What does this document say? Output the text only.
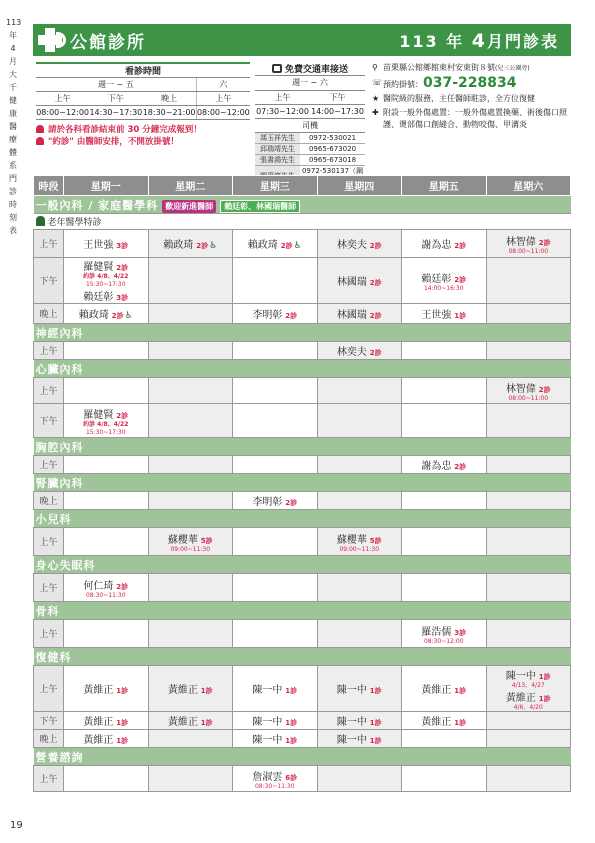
113
年
4
月
大
千
健
康
醫
療
體
系
門
診
時
刻
表
19
公館診所	113 年 4月門診表
看診時間			
週一 ~ 五			六
上午	下午	晚上	上午
08:00~12:00	14:30~17:30	18:30~21:00	08:00~12:00
請於各科看診結束前 30 分鐘完成報到！
"約診" 由醫師安排，不開放掛號！
免費交通車接送
週一 ~ 六	
上午	下午
07:30~12:00	14:00~17:30
司機	
馮玉祥先生	0972-530021
邱瑞靖先生	0965-673020
張書鴻先生	0965-673018
	0972-530137（鋼
⚲ 苗栗縣公館鄉館東村安東街８號(兒三公園旁)
☏ 預約掛號：037-228834
★ 醫院級的服務，主任醫師駐診，全方位復健
✚ 附設一般外傷處置：一般外傷處置換藥、術後傷口照護、燙部傷口創縫合、動物咬傷、甲溝炎
時段	星期一	星期二	星期三	星期四	星期五	星期六
一般內科 / 家庭醫學科 歡迎新進醫師 賴廷彰、林國瑞醫師						
老年醫學特診						
上午	王世強 3診	賴政琦 2診♿	賴政琦 2診♿	林奕夫 2診	謝為忠 2診	林智偉 2診
08:00~11:00

下午	羅健賢 2診
約診 4/8、4/22
15:30~17:30
賴廷彰 3診			林國瑞 2診	賴廷彰 2診
14:00~16:30	

晚上	賴政琦 2診♿		李明彰 2診	林國瑞 2診	王世強 1診	
神經內科						
上午				林奕夫 2診		
心臟內科						
上午						林智偉 2診
08:00~11:00

下午	羅健賢 2診
約診 4/8、4/22
15:30~17:30					

胸腔內科						
上午					謝為忠 2診	
腎臟內科						
晚上			李明彰 2診			
小兒科						
上午		蘇櫻華 5診
09:00~11:30		蘇櫻華 5診
09:00~11:30		

身心失眠科						
上午	何仁琦 2診
08:30~11:30					

骨科						
上午					羅浩儒 3診
08:30~12:00	

復健科						
上午	黃維正 1診	黃維正 1診	陳一中 1診	陳一中 1診	黃維正 1診	陳一中 1診
4/13、4/27
黃維正 1診
4/6、4/20

下午	黃維正 1診	黃維正 1診	陳一中 1診	陳一中 1診	黃維正 1診	
晚上	黃維正 1診		陳一中 1診	陳一中 1診		
營養諮詢						
上午			詹淑雲 6診
08:30~11:30			
